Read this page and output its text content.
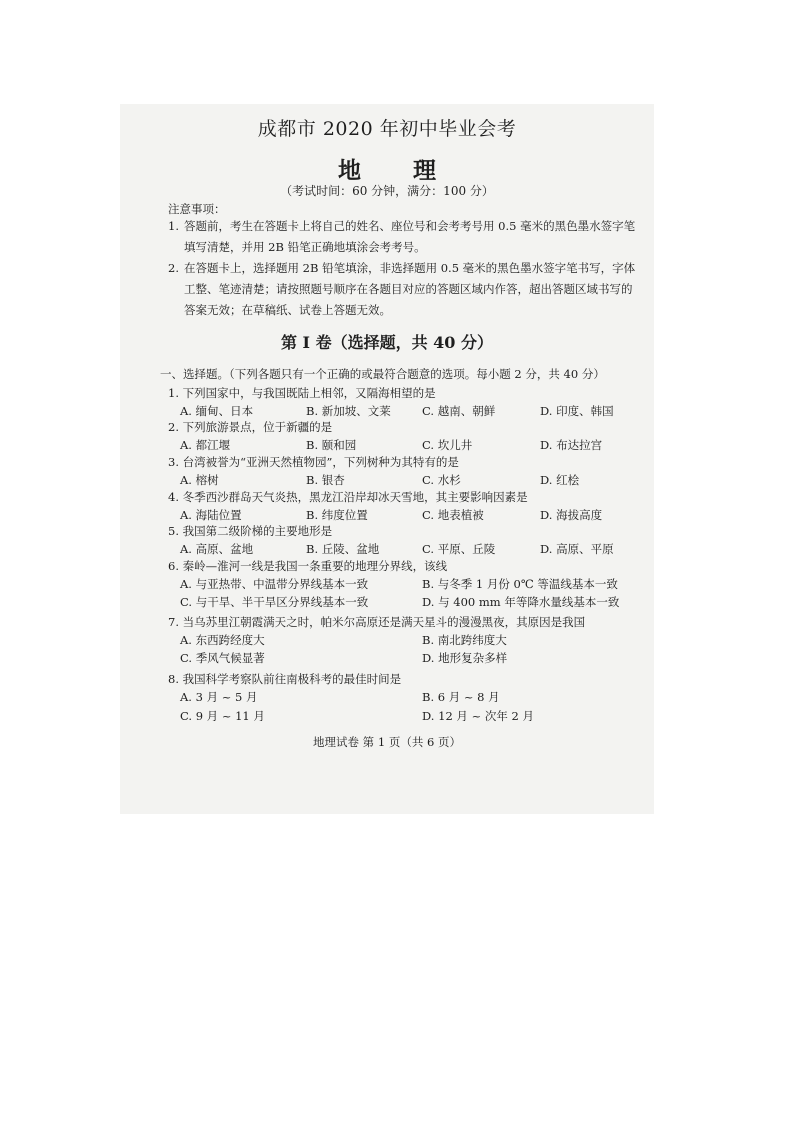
成都市 2020 年初中毕业会考
地 理
（考试时间：60 分钟，满分：100 分）
注意事项：
1. 答题前，考生在答题卡上将自己的姓名、座位号和会考考号用 0.5 毫米的黑色墨水签字笔填写清楚，并用 2B 铅笔正确地填涂会考考号。
2. 在答题卡上，选择题用 2B 铅笔填涂，非选择题用 0.5 毫米的黑色墨水签字笔书写，字体工整、笔迹清楚；请按照题号顺序在各题目对应的答题区域内作答，超出答题区域书写的答案无效；在草稿纸、试卷上答题无效。
第 Ⅰ 卷（选择题，共 40 分）
一、选择题。（下列各题只有一个正确的或最符合题意的选项。每小题 2 分，共 40 分）
1. 下列国家中，与我国既陆上相邻，又隔海相望的是
A. 缅甸、日本	B. 新加坡、文莱	C. 越南、朝鲜	D. 印度、韩国
2. 下列旅游景点，位于新疆的是
A. 都江堰	B. 颐和园	C. 坎儿井	D. 布达拉宫
3. 台湾被誉为“亚洲天然植物园”，下列树种为其特有的是
A. 榕树	B. 银杏	C. 水杉	D. 红桧
4. 冬季西沙群岛天气炎热，黑龙江沿岸却冰天雪地，其主要影响因素是
A. 海陆位置	B. 纬度位置	C. 地表植被	D. 海拔高度
5. 我国第二级阶梯的主要地形是
A. 高原、盆地	B. 丘陵、盆地	C. 平原、丘陵	D. 高原、平原
6. 秦岭—淮河一线是我国一条重要的地理分界线，该线
A. 与亚热带、中温带分界线基本一致	B. 与冬季 1 月份 0℃ 等温线基本一致
C. 与干旱、半干旱区分界线基本一致	D. 与 400 mm 年等降水量线基本一致
7. 当乌苏里江朝霞满天之时，帕米尔高原还是满天星斗的漫漫黑夜，其原因是我国
A. 东西跨经度大	B. 南北跨纬度大
C. 季风气候显著	D. 地形复杂多样
8. 我国科学考察队前往南极科考的最佳时间是
A. 3 月 ~ 5 月	B. 6 月 ~ 8 月
C. 9 月 ~ 11 月	D. 12 月 ~ 次年 2 月
地理试卷 第 1 页（共 6 页）
